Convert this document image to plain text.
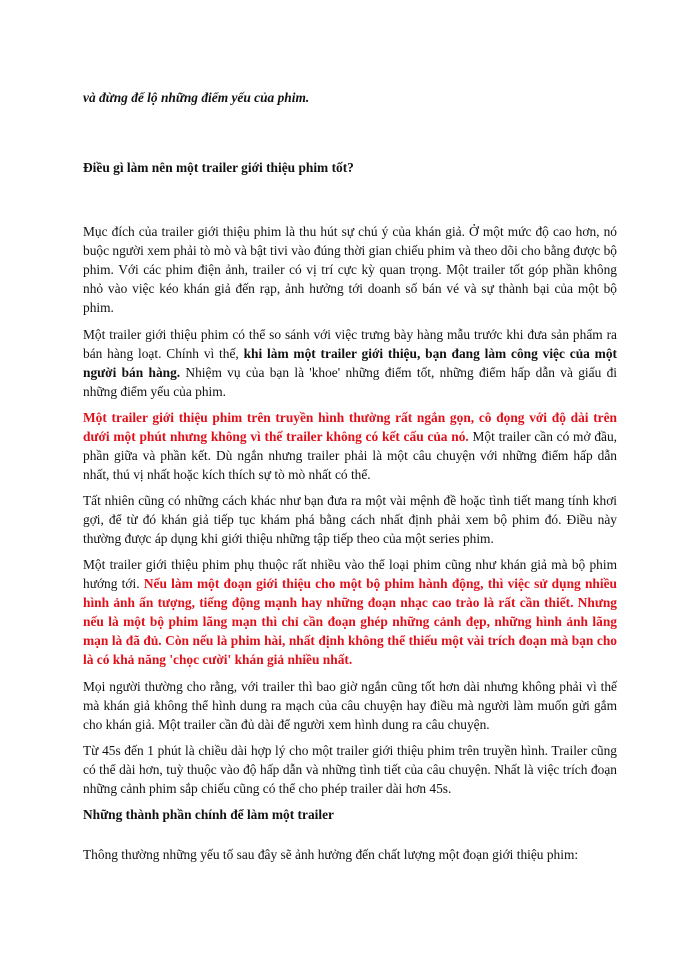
và đừng để lộ những điểm yếu của phim.

Điều gì làm nên một trailer giới thiệu phim tốt?

Mục đích của trailer giới thiệu phim là thu hút sự chú ý của khán giả. Ở một mức độ cao hơn, nó buộc người xem phải tò mò và bật tivi vào đúng thời gian chiếu phim và theo dõi cho bằng được bộ phim. Với các phim điện ảnh, trailer có vị trí cực kỳ quan trọng. Một trailer tốt góp phần không nhỏ vào việc kéo khán giả đến rạp, ảnh hưởng tới doanh số bán vé và sự thành bại của một bộ phim.

Một trailer giới thiệu phim có thể so sánh với việc trưng bày hàng mẫu trước khi đưa sản phẩm ra bán hàng loạt. Chính vì thế, khi làm một trailer giới thiệu, bạn đang làm công việc của một người bán hàng. Nhiệm vụ của bạn là 'khoe' những điểm tốt, những điểm hấp dẫn và giấu đi những điểm yếu của phim.

Một trailer giới thiệu phim trên truyền hình thường rất ngắn gọn, cô đọng với độ dài trên dưới một phút nhưng không vì thế trailer không có kết cấu của nó. Một trailer cần có mở đầu, phần giữa và phần kết. Dù ngắn nhưng trailer phải là một câu chuyện với những điểm hấp dẫn nhất, thú vị nhất hoặc kích thích sự tò mò nhất có thể.

Tất nhiên cũng có những cách khác như bạn đưa ra một vài mệnh đề hoặc tình tiết mang tính khơi gợi, để từ đó khán giả tiếp tục khám phá bằng cách nhất định phải xem bộ phim đó. Điều này thường được áp dụng khi giới thiệu những tập tiếp theo của một series phim.

Một trailer giới thiệu phim phụ thuộc rất nhiều vào thể loại phim cũng như khán giả mà bộ phim hướng tới. Nếu làm một đoạn giới thiệu cho một bộ phim hành động, thì việc sử dụng nhiều hình ảnh ấn tượng, tiếng động mạnh hay những đoạn nhạc cao trào là rất cần thiết. Nhưng nếu là một bộ phim lãng mạn thì chỉ cần đoạn ghép những cảnh đẹp, những hình ảnh lãng mạn là đã đủ. Còn nếu là phim hài, nhất định không thể thiếu một vài trích đoạn mà bạn cho là có khả năng 'chọc cười' khán giả nhiều nhất.

Mọi người thường cho rằng, với trailer thì bao giờ ngắn cũng tốt hơn dài nhưng không phải vì thế mà khán giả không thể hình dung ra mạch của câu chuyện hay điều mà người làm muốn gửi gắm cho khán giả. Một trailer cần đủ dài để người xem hình dung ra câu chuyện.

Từ 45s đến 1 phút là chiều dài hợp lý cho một trailer giới thiệu phim trên truyền hình. Trailer cũng có thể dài hơn, tuỳ thuộc vào độ hấp dẫn và những tình tiết của câu chuyện. Nhất là việc trích đoạn những cảnh phim sắp chiếu cũng có thể cho phép trailer dài hơn 45s.

Những thành phần chính để làm một trailer

Thông thường những yếu tố sau đây sẽ ảnh hưởng đến chất lượng một đoạn giới thiệu phim:
